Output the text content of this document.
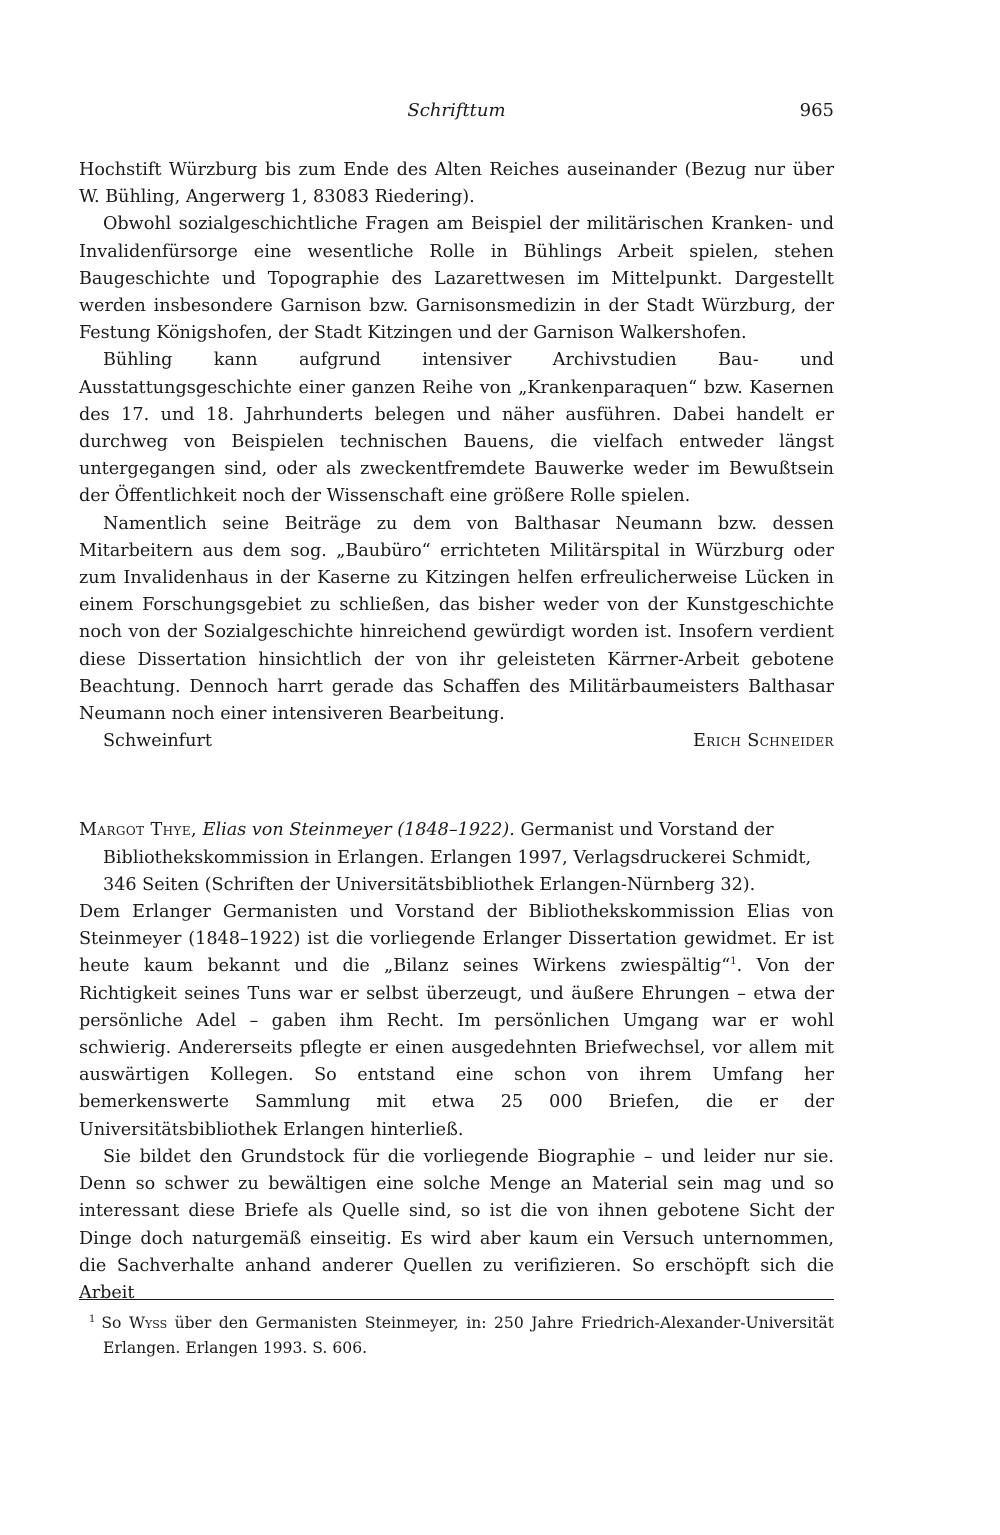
Schrifttum	965

Hochstift Würzburg bis zum Ende des Alten Reiches auseinander (Bezug nur über W. Bühling, Angerwerg 1, 83083 Riedering).

Obwohl sozialgeschichtliche Fragen am Beispiel der militärischen Kranken- und Invalidenfürsorge eine wesentliche Rolle in Bühlings Arbeit spielen, stehen Baugeschichte und Topographie des Lazarettwesen im Mittelpunkt. Dargestellt werden insbesondere Garnison bzw. Garnisonsmedizin in der Stadt Würzburg, der Festung Königshofen, der Stadt Kitzingen und der Garnison Walkershofen.

Bühling kann aufgrund intensiver Archivstudien Bau- und Ausstattungsgeschichte einer ganzen Reihe von „Krankenparaquen“ bzw. Kasernen des 17. und 18. Jahrhunderts belegen und näher ausführen. Dabei handelt er durchweg von Beispielen technischen Bauens, die vielfach entweder längst untergegangen sind, oder als zweckentfremdete Bauwerke weder im Bewußtsein der Öffentlichkeit noch der Wissenschaft eine größere Rolle spielen.

Namentlich seine Beiträge zu dem von Balthasar Neumann bzw. dessen Mitarbeitern aus dem sog. „Baubüro“ errichteten Militärspital in Würzburg oder zum Invalidenhaus in der Kaserne zu Kitzingen helfen erfreulicherweise Lücken in einem Forschungsgebiet zu schließen, das bisher weder von der Kunstgeschichte noch von der Sozialgeschichte hinreichend gewürdigt worden ist. Insofern verdient diese Dissertation hinsichtlich der von ihr geleisteten Kärrner-Arbeit gebotene Beachtung. Dennoch harrt gerade das Schaffen des Militärbaumeisters Balthasar Neumann noch einer intensiveren Bearbeitung.

Schweinfurt	Erich Schneider

Margot Thye, Elias von Steinmeyer (1848–1922). Germanist und Vorstand der Bibliothekskommission in Erlangen. Erlangen 1997, Verlagsdruckerei Schmidt, 346 Seiten (Schriften der Universitätsbibliothek Erlangen-Nürnberg 32).

Dem Erlanger Germanisten und Vorstand der Bibliothekskommission Elias von Steinmeyer (1848–1922) ist die vorliegende Erlanger Dissertation gewidmet. Er ist heute kaum bekannt und die „Bilanz seines Wirkens zwiespältig“$^1$. Von der Richtigkeit seines Tuns war er selbst überzeugt, und äußere Ehrungen – etwa der persönliche Adel – gaben ihm Recht. Im persönlichen Umgang war er wohl schwierig. Andererseits pflegte er einen ausgedehnten Briefwechsel, vor allem mit auswärtigen Kollegen. So entstand eine schon von ihrem Umfang her bemerkenswerte Sammlung mit etwa 25 000 Briefen, die er der Universitätsbibliothek Erlangen hinterließ.

Sie bildet den Grundstock für die vorliegende Biographie – und leider nur sie. Denn so schwer zu bewältigen eine solche Menge an Material sein mag und so interessant diese Briefe als Quelle sind, so ist die von ihnen gebotene Sicht der Dinge doch naturgemäß einseitig. Es wird aber kaum ein Versuch unternommen, die Sachverhalte anhand anderer Quellen zu verifizieren. So erschöpft sich die Arbeit

$^1$ So Wyss über den Germanisten Steinmeyer, in: 250 Jahre Friedrich-Alexander-Universität Erlangen. Erlangen 1993. S. 606.
